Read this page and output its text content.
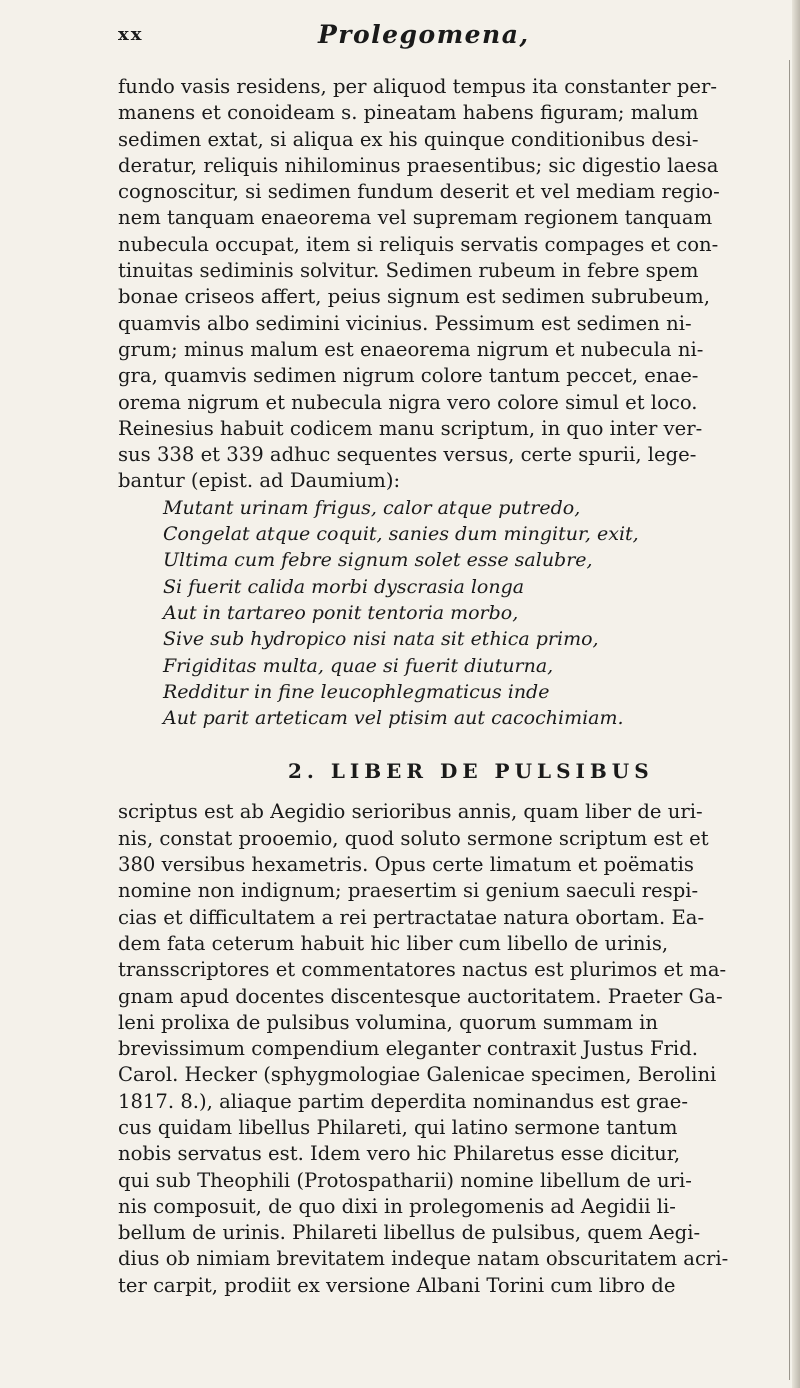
xx	Prolegomena,
fundo vasis residens, per aliquod tempus ita constanter per-
manens et conoideam s. pineatam habens figuram; malum
sedimen extat, si aliqua ex his quinque conditionibus desi-
deratur, reliquis nihilominus praesentibus; sic digestio laesa
cognoscitur, si sedimen fundum deserit et vel mediam regio-
nem tanquam enaeorema vel supremam regionem tanquam
nubecula occupat, item si reliquis servatis compages et con-
tinuitas sediminis solvitur. Sedimen rubeum in febre spem
bonae criseos affert, peius signum est sedimen subrubeum,
quamvis albo sedimini vicinius. Pessimum est sedimen ni-
grum; minus malum est enaeorema nigrum et nubecula ni-
gra, quamvis sedimen nigrum colore tantum peccet, enae-
orema nigrum et nubecula nigra vero colore simul et loco.
Reinesius habuit codicem manu scriptum, in quo inter ver-
sus 338 et 339 adhuc sequentes versus, certe spurii, lege-
bantur (epist. ad Daumium):
Mutant urinam frigus, calor atque putredo,
Congelat atque coquit, sanies dum mingitur, exit,
Ultima cum febre signum solet esse salubre,
Si fuerit calida morbi dyscrasia longa
Aut in tartareo ponit tentoria morbo,
Sive sub hydropico nisi nata sit ethica primo,
Frigiditas multa, quae si fuerit diuturna,
Redditur in fine leucophlegmaticus inde
Aut parit arteticam vel ptisim aut cacochimiam.
2. LIBER DE PULSIBUS
scriptus est ab Aegidio serioribus annis, quam liber de uri-
nis, constat prooemio, quod soluto sermone scriptum est et
380 versibus hexametris. Opus certe limatum et poëmatis
nomine non indignum; praesertim si genium saeculi respi-
cias et difficultatem a rei pertractatae natura obortam. Ea-
dem fata ceterum habuit hic liber cum libello de urinis,
transscriptores et commentatores nactus est plurimos et ma-
gnam apud docentes discentesque auctoritatem. Praeter Ga-
leni prolixa de pulsibus volumina, quorum summam in
brevissimum compendium eleganter contraxit Justus Frid.
Carol. Hecker (sphygmologiae Galenicae specimen, Berolini
1817. 8.), aliaque partim deperdita nominandus est grae-
cus quidam libellus Philareti, qui latino sermone tantum
nobis servatus est. Idem vero hic Philaretus esse dicitur,
qui sub Theophili (Protospatharii) nomine libellum de uri-
nis composuit, de quo dixi in prolegomenis ad Aegidii li-
bellum de urinis. Philareti libellus de pulsibus, quem Aegi-
dius ob nimiam brevitatem indeque natam obscuritatem acri-
ter carpit, prodiit ex versione Albani Torini cum libro de
